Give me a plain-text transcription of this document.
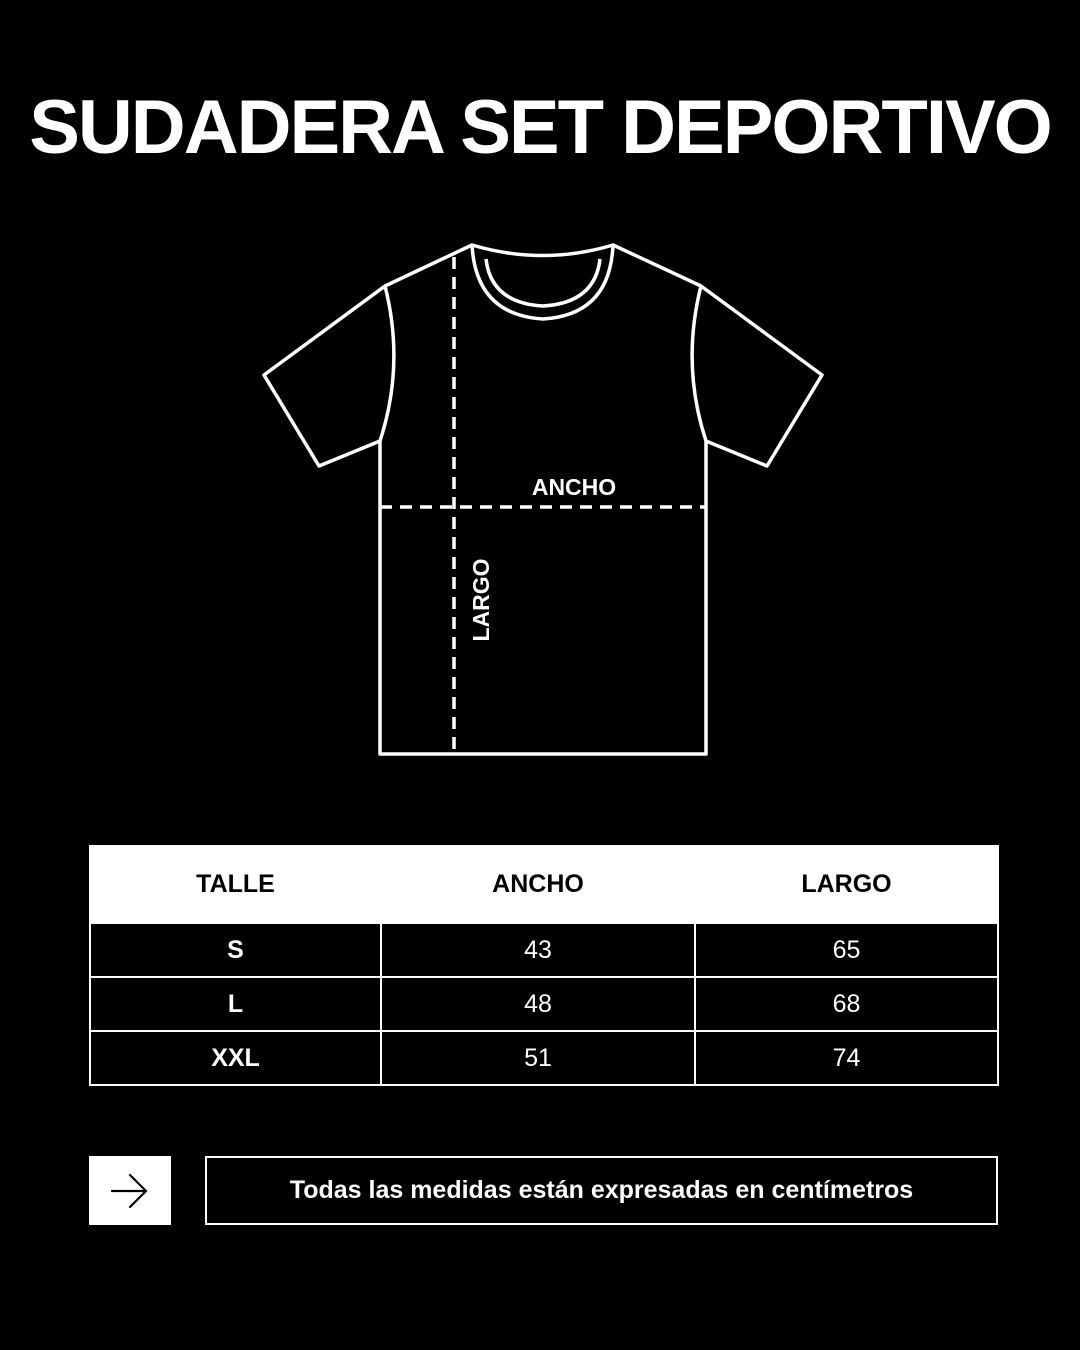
SUDADERA SET DEPORTIVO
ANCHO
LARGO
TALLE	ANCHO	LARGO
S	43	65
L	48	68
XXL	51	74
Todas las medidas están expresadas en centímetros
